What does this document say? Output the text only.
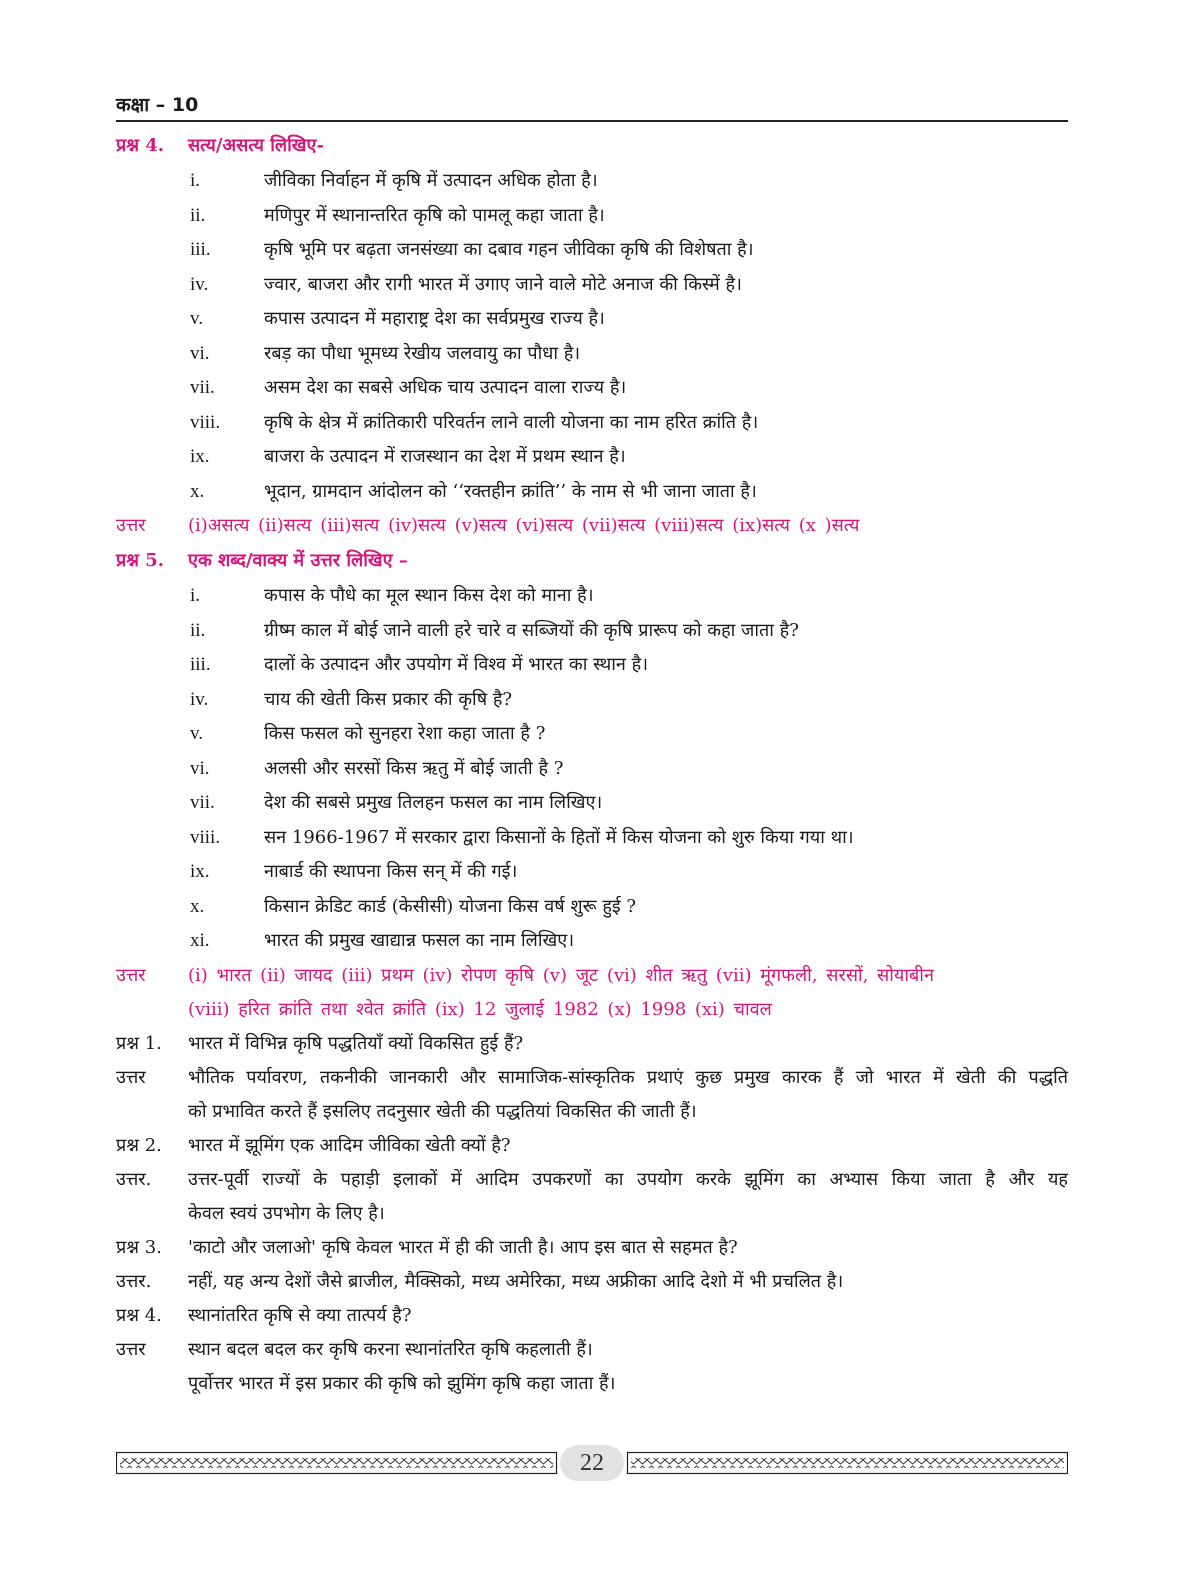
कक्षा – 10
प्रश्न 4.	सत्य/असत्य लिखिए-
i.	जीविका निर्वाहन में कृषि में उत्पादन अधिक होता है।
ii.	मणिपुर में स्थानान्तरित कृषि को पामलू कहा जाता है।
iii.	कृषि भूमि पर बढ़ता जनसंख्या का दबाव गहन जीविका कृषि की विशेषता है।
iv.	ज्वार, बाजरा और रागी भारत में उगाए जाने वाले मोटे अनाज की किस्में है।
v.	कपास उत्पादन में महाराष्ट्र देश का सर्वप्रमुख राज्य है।
vi.	रबड़ का पौधा भूमध्य रेखीय जलवायु का पौधा है।
vii.	असम देश का सबसे अधिक चाय उत्पादन वाला राज्य है।
viii.	कृषि के क्षेत्र में क्रांतिकारी परिवर्तन लाने वाली योजना का नाम हरित क्रांति है।
ix.	बाजरा के उत्पादन में राजस्थान का देश में प्रथम स्थान है।
x.	भूदान, ग्रामदान आंदोलन को ‘‘रक्तहीन क्रांति’’ के नाम से भी जाना जाता है।
उत्तर	(i)असत्य (ii)सत्य (iii)सत्य (iv)सत्य (v)सत्य (vi)सत्य (vii)सत्य (viii)सत्य (ix)सत्य (x )सत्य
प्रश्न 5.	एक शब्द/वाक्य में उत्तर लिखिए –
i.	कपास के पौधे का मूल स्थान किस देश को माना है।
ii.	ग्रीष्म काल में बोई जाने वाली हरे चारे व सब्जियों की कृषि प्रारूप को कहा जाता है?
iii.	दालों के उत्पादन और उपयोग में विश्व में भारत का स्थान है।
iv.	चाय की खेती किस प्रकार की कृषि है?
v.	किस फसल को सुनहरा रेशा कहा जाता है ?
vi.	अलसी और सरसों किस ऋतु में बोई जाती है ?
vii.	देश की सबसे प्रमुख तिलहन फसल का नाम लिखिए।
viii.	सन 1966-1967 में सरकार द्वारा किसानों के हितों में किस योजना को शुरु किया गया था।
ix.	नाबार्ड की स्थापना किस सन् में की गई।
x.	किसान क्रेडिट कार्ड (केसीसी) योजना किस वर्ष शुरू हुई ?
xi.	भारत की प्रमुख खाद्यान्न फसल का नाम लिखिए।
उत्तर	(i) भारत (ii) जायद (iii) प्रथम (iv) रोपण कृषि (v) जूट (vi) शीत ऋतु (vii) मूंगफली, सरसों, सोयाबीन
(viii) हरित क्रांति तथा श्वेत क्रांति (ix) 12 जुलाई 1982 (x) 1998 (xi) चावल
प्रश्न 1.	भारत में विभिन्न कृषि पद्धतियाँ क्यों विकसित हुई हैं?
उत्तर	भौतिक पर्यावरण, तकनीकी जानकारी और सामाजिक-सांस्कृतिक प्रथाएं कुछ प्रमुख कारक हैं जो भारत में खेती की पद्धति
को प्रभावित करते हैं इसलिए तदनुसार खेती की पद्धतियां विकसित की जाती हैं।
प्रश्न 2.	भारत में झूमिंग एक आदिम जीविका खेती क्यों है?
उत्तर.	उत्तर-पूर्वी राज्यों के पहाड़ी इलाकों में आदिम उपकरणों का उपयोग करके झूमिंग का अभ्यास किया जाता है और यह
केवल स्वयं उपभोग के लिए है।
प्रश्न 3.	'काटो और जलाओ' कृषि केवल भारत में ही की जाती है। आप इस बात से सहमत है?
उत्तर.	नहीं, यह अन्य देशों जैसे ब्राजील, मैक्सिको, मध्य अमेरिका, मध्य अफ्रीका आदि देशो में भी प्रचलित है।
प्रश्न 4.	स्थानांतरित कृषि से क्या तात्पर्य है?
उत्तर	स्थान बदल बदल कर कृषि करना स्थानांतरित कृषि कहलाती हैं।
पूर्वोत्तर भारत में इस प्रकार की कृषि को झुमिंग कृषि कहा जाता हैं।
22
